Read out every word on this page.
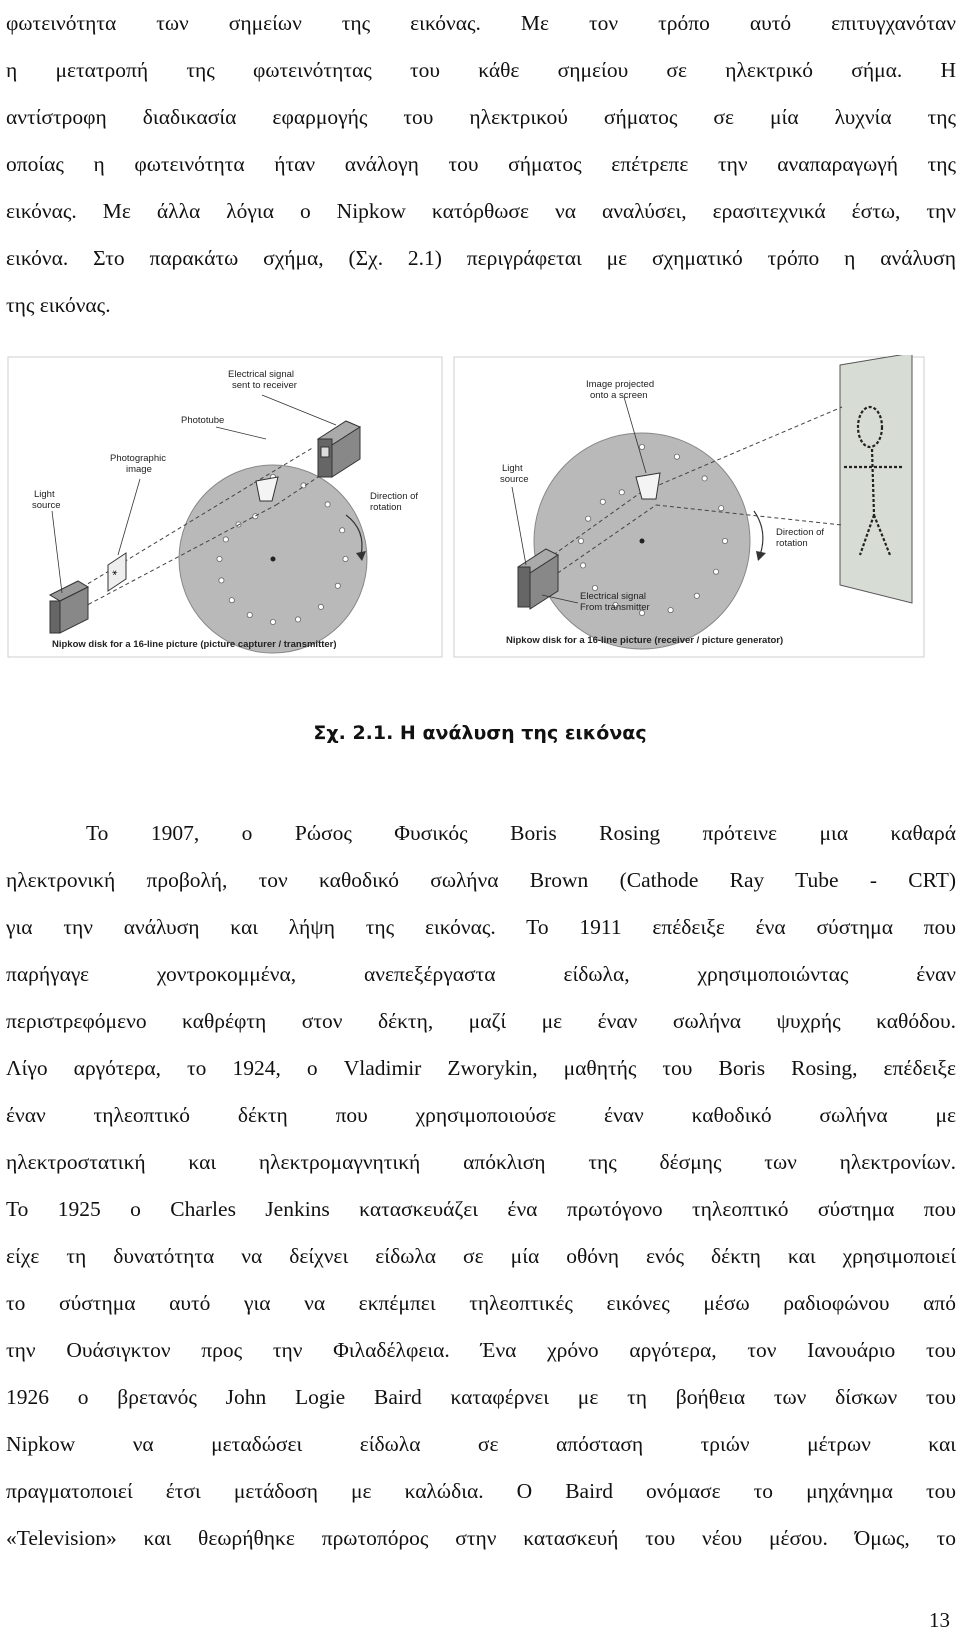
φωτεινότητα των σημείων της εικόνας. Με τον τρόπο αυτό επιτυγχανόταν
η μετατροπή της φωτεινότητας του κάθε σημείου σε ηλεκτρικό σήμα. Η
αντίστροφη διαδικασία εφαρμογής του ηλεκτρικού σήματος σε μία λυχνία της
οποίας η φωτεινότητα ήταν ανάλογη του σήματος επέτρεπε την αναπαραγωγή της
εικόνας. Με άλλα λόγια ο Nipkow κατόρθωσε να αναλύσει, ερασιτεχνικά έστω, την
εικόνα. Στο παρακάτω σχήμα, (Σχ. 2.1) περιγράφεται με σχηματικό τρόπο η ανάλυση
της εικόνας.
⚹
Electrical signal sent to receiver
Phototube
Photographic image
Light source
Direction of rotation
Nipkow disk for a 16-line picture (picture capturer / transmitter)
Image projected onto a screen
Light source
Direction of rotation
Electrical signal From transmitter
Nipkow disk for a 16-line picture (receiver / picture generator)
Σχ. 2.1. Η ανάλυση της εικόνας
Το 1907, ο Ρώσος Φυσικός Boris Rosing πρότεινε μια καθαρά
ηλεκτρονική προβολή, τον καθοδικό σωλήνα Brown (Cathode Ray Tube - CRT)
για την ανάλυση και λήψη της εικόνας. Το 1911 επέδειξε ένα σύστημα που
παρήγαγε χοντροκομμένα, ανεπεξέργαστα είδωλα, χρησιμοποιώντας έναν
περιστρεφόμενο καθρέφτη στον δέκτη, μαζί με έναν σωλήνα ψυχρής καθόδου.
Λίγο αργότερα, το 1924, ο Vladimir Zworykin, μαθητής του Boris Rosing, επέδειξε
έναν τηλεοπτικό δέκτη που χρησιμοποιούσε έναν καθοδικό σωλήνα με
ηλεκτροστατική και ηλεκτρομαγνητική απόκλιση της δέσμης των ηλεκτρονίων.
Το 1925 ο Charles Jenkins κατασκευάζει ένα πρωτόγονο τηλεοπτικό σύστημα που
είχε τη δυνατότητα να δείχνει είδωλα σε μία οθόνη ενός δέκτη και χρησιμοποιεί
το σύστημα αυτό για να εκπέμπει τηλεοπτικές εικόνες μέσω ραδιοφώνου από
την Ουάσιγκτον προς την Φιλαδέλφεια. Ένα χρόνο αργότερα, τον Ιανουάριο του
1926 ο βρετανός John Logie Baird καταφέρνει με τη βοήθεια των δίσκων του
Nipkow να μεταδώσει είδωλα σε απόσταση τριών μέτρων και
πραγματοποιεί έτσι μετάδοση με καλώδια. Ο Baird ονόμασε το μηχάνημα του
«Television» και θεωρήθηκε πρωτοπόρος στην κατασκευή του νέου μέσου. Όμως, το
13
